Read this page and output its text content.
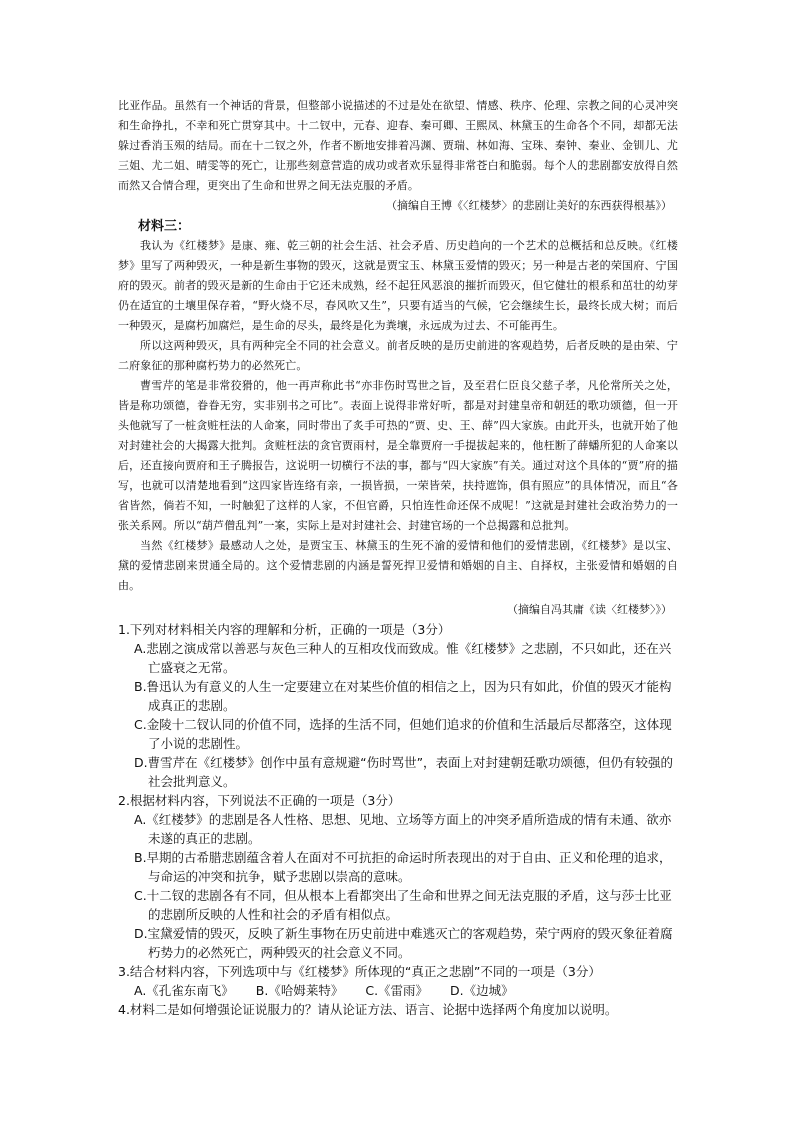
比亚作品。虽然有一个神话的背景，但整部小说描述的不过是处在欲望、情感、秩序、伦理、宗教之间的心灵冲突和生命挣扎，不幸和死亡贯穿其中。十二钗中，元春、迎春、秦可卿、王熙凤、林黛玉的生命各个不同，却都无法躲过香消玉殒的结局。而在十二钗之外，作者不断地安排着冯渊、贾瑞、林如海、宝珠、秦钟、秦业、金钏儿、尤三姐、尤二姐、晴雯等的死亡，让那些刻意营造的成功或者欢乐显得非常苍白和脆弱。每个人的悲剧都安放得自然而然又合情合理，更突出了生命和世界之间无法克服的矛盾。

（摘编自王博《〈红楼梦〉的悲剧让美好的东西获得根基》）

材料三：

我认为《红楼梦》是康、雍、乾三朝的社会生活、社会矛盾、历史趋向的一个艺术的总概括和总反映。《红楼梦》里写了两种毁灭，一种是新生事物的毁灭，这就是贾宝玉、林黛玉爱情的毁灭；另一种是古老的荣国府、宁国府的毁灭。前者的毁灭是新的生命由于它还未成熟，经不起狂风恶浪的摧折而毁灭，但它健壮的根系和茁壮的幼芽仍在适宜的土壤里保存着，“野火烧不尽，春风吹又生”，只要有适当的气候，它会继续生长，最终长成大树；而后一种毁灭，是腐朽加腐烂，是生命的尽头，最终是化为粪壤，永远成为过去、不可能再生。

所以这两种毁灭，具有两种完全不同的社会意义。前者反映的是历史前进的客观趋势，后者反映的是由荣、宁二府象征的那种腐朽势力的必然死亡。

曹雪芹的笔是非常狡猾的，他一再声称此书“亦非伤时骂世之旨，及至君仁臣良父慈子孝，凡伦常所关之处，皆是称功颂德，眷眷无穷，实非别书之可比”。表面上说得非常好听，都是对封建皇帝和朝廷的歌功颂德，但一开头他就写了一桩贪赃枉法的人命案，同时带出了炙手可热的“贾、史、王、薛”四大家族。由此开头，也就开始了他对封建社会的大揭露大批判。贪赃枉法的贪官贾雨村，是全靠贾府一手提拔起来的，他枉断了薛蟠所犯的人命案以后，还直接向贾府和王子腾报告，这说明一切横行不法的事，都与“四大家族”有关。通过对这个具体的“贾”府的描写，也就可以清楚地看到“这四家皆连络有亲，一损皆损，一荣皆荣，扶持遮饰，俱有照应”的具体情况，而且“各省皆然，倘若不知，一时触犯了这样的人家，不但官爵，只怕连性命还保不成呢！”这就是封建社会政治势力的一张关系网。所以“葫芦僧乱判”一案，实际上是对封建社会、封建官场的一个总揭露和总批判。

当然《红楼梦》最感动人之处，是贾宝玉、林黛玉的生死不渝的爱情和他们的爱情悲剧，《红楼梦》是以宝、黛的爱情悲剧来贯通全局的。这个爱情悲剧的内涵是誓死捍卫爱情和婚姻的自主、自择权，主张爱情和婚姻的自由。

（摘编自冯其庸《读〈红楼梦〉》）

1.下列对材料相关内容的理解和分析，正确的一项是（3分）

A.悲剧之演成常以善恶与灰色三种人的互相攻伐而致成。惟《红楼梦》之悲剧，不只如此，还在兴亡盛衰之无常。

B.鲁迅认为有意义的人生一定要建立在对某些价值的相信之上，因为只有如此，价值的毁灭才能构成真正的悲剧。

C.金陵十二钗认同的价值不同，选择的生活不同，但她们追求的价值和生活最后尽都落空，这体现了小说的悲剧性。

D.曹雪芹在《红楼梦》创作中虽有意规避“伤时骂世”，表面上对封建朝廷歌功颂德，但仍有较强的社会批判意义。

2.根据材料内容，下列说法不正确的一项是（3分）

A.《红楼梦》的悲剧是各人性格、思想、见地、立场等方面上的冲突矛盾所造成的情有未通、欲亦未遂的真正的悲剧。

B.早期的古希腊悲剧蕴含着人在面对不可抗拒的命运时所表现出的对于自由、正义和伦理的追求，与命运的冲突和抗争，赋予悲剧以崇高的意味。

C.十二钗的悲剧各有不同，但从根本上看都突出了生命和世界之间无法克服的矛盾，这与莎士比亚的悲剧所反映的人性和社会的矛盾有相似点。

D.宝黛爱情的毁灭，反映了新生事物在历史前进中难逃灭亡的客观趋势，荣宁两府的毁灭象征着腐朽势力的必然死亡，两种毁灭的社会意义不同。

3.结合材料内容，下列选项中与《红楼梦》所体现的“真正之悲剧”不同的一项是（3分）

A.《孔雀东南飞》 B.《哈姆莱特》 C.《雷雨》 D.《边城》

4.材料二是如何增强论证说服力的？请从论证方法、语言、论据中选择两个角度加以说明。
